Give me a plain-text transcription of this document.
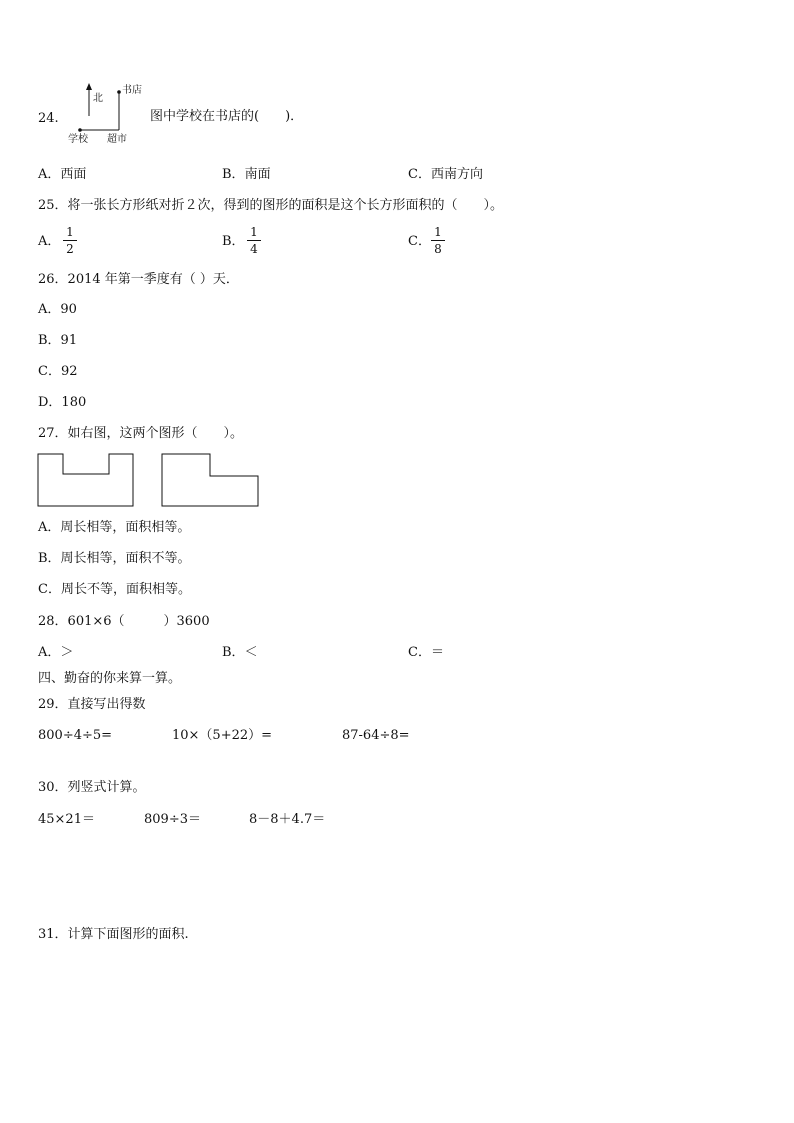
24.
北
书店
学校 超市
图中学校在书店的(　　)．
A．西面	B．南面	C．西南方向
25．将一张长方形纸对折２次，得到的图形的面积是这个长方形面积的（　　）。
A．
1
2	B．
1
4	C．
1
8
26．2014 年第一季度有（ ）天．
A．90
B．91
C．92
D．180
27．如右图，这两个图形（　　）。
A．周长相等，面积相等。
B．周长相等，面积不等。
C．周长不等，面积相等。
28．601×6（　　　）3600
A．＞	B．＜	C．＝
四、勤奋的你来算一算。
29．直接写出得数
800÷4÷5=	10×（5+22）=	87-64÷8=
30．列竖式计算。
45×21＝	809÷3＝	8－8＋4.7＝
31．计算下面图形的面积.
